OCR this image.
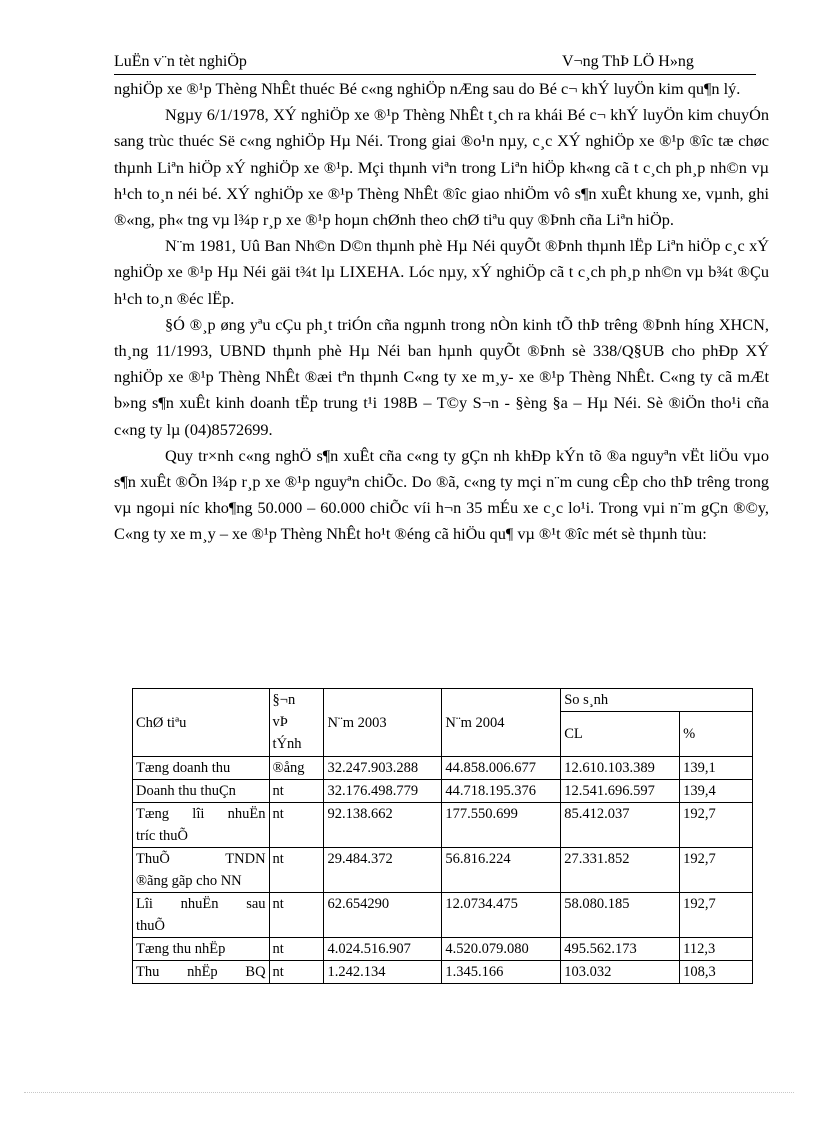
LuËn v¨n tèt nghiÖp	V¬ng ThÞ LÖ H»ng

nghiÖp xe ®¹p Thèng NhÊt thuéc Bé c«ng nghiÖp nÆng sau do Bé c¬ khÝ luyÖn kim qu¶n lý.

Ngµy 6/1/1978, XÝ nghiÖp xe ®¹p Thèng NhÊt t¸ch ra khái Bé c¬ khÝ luyÖn kim chuyÓn sang trùc thuéc Së c«ng nghiÖp Hµ Néi. Trong giai ®o¹n nµy, c¸c XÝ nghiÖp xe ®¹p ®îc tæ chøc thµnh Liªn hiÖp xÝ nghiÖp xe ®¹p. Mçi thµnh viªn trong Liªn hiÖp kh«ng cã t c¸ch ph¸p nh©n vµ h¹ch to¸n néi bé. XÝ nghiÖp xe ®¹p Thèng NhÊt ®îc giao nhiÖm vô s¶n xuÊt khung xe, vµnh, ghi ®«ng, ph« tng vµ l¾p r¸p xe ®¹p hoµn chØnh theo chØ tiªu quy ®Þnh cña Liªn hiÖp.

N¨m 1981, Uû Ban Nh©n D©n thµnh phè Hµ Néi quyÕt ®Þnh thµnh lËp Liªn hiÖp c¸c xÝ nghiÖp xe ®¹p Hµ Néi gäi t¾t lµ LIXEHA. Lóc nµy, xÝ nghiÖp cã t c¸ch ph¸p nh©n vµ b¾t ®Çu h¹ch to¸n ®éc lËp.

§Ó ®¸p øng yªu cÇu ph¸t triÓn cña ngµnh trong nÒn kinh tÕ thÞ trêng ®Þnh híng XHCN, th¸ng 11/1993, UBND thµnh phè Hµ Néi ban hµnh quyÕt ®Þnh sè 338/Q§UB cho phÐp XÝ nghiÖp xe ®¹p Thèng NhÊt ®æi tªn thµnh C«ng ty xe m¸y- xe ®¹p Thèng NhÊt. C«ng ty cã mÆt b»ng s¶n xuÊt kinh doanh tËp trung t¹i 198B – T©y S¬n - §èng §a – Hµ Néi. Sè ®iÖn tho¹i cña c«ng ty lµ (04)8572699.

Quy tr×nh c«ng nghÖ s¶n xuÊt cña c«ng ty gÇn nh khÐp kÝn tõ ®a nguyªn vËt liÖu vµo s¶n xuÊt ®Õn l¾p r¸p xe ®¹p nguyªn chiÕc. Do ®ã, c«ng ty mçi n¨m cung cÊp cho thÞ trêng trong vµ ngoµi níc kho¶ng 50.000 – 60.000 chiÕc víi h¬n 35 mÉu xe c¸c lo¹i. Trong vµi n¨m gÇn ®©y, C«ng ty xe m¸y – xe ®¹p Thèng NhÊt ho¹t ®éng cã hiÖu qu¶ vµ ®¹t ®îc mét sè thµnh tùu:

ChØ tiªu	§¬n
vÞ
tÝnh	N¨m 2003	N¨m 2004	So s¸nh	
				CL	%

Tæng doanh thu	®ång	32.247.903.288	44.858.006.677	12.610.103.389	139,1

Doanh thu thuÇn	nt	32.176.498.779	44.718.195.376	12.541.696.597	139,4

Tæng lîi nhuËn
tríc thuÕ	nt	92.138.662	177.550.699	85.412.037	192,7

ThuÕ TNDN
®ãng gãp cho NN	nt	29.484.372	56.816.224	27.331.852	192,7

Lîi nhuËn sau
thuÕ	nt	62.654290	12.0734.475	58.080.185	192,7

Tæng thu nhËp	nt	4.024.516.907	4.520.079.080	495.562.173	112,3

Thu nhËp BQ	nt	1.242.134	1.345.166	103.032	108,3
